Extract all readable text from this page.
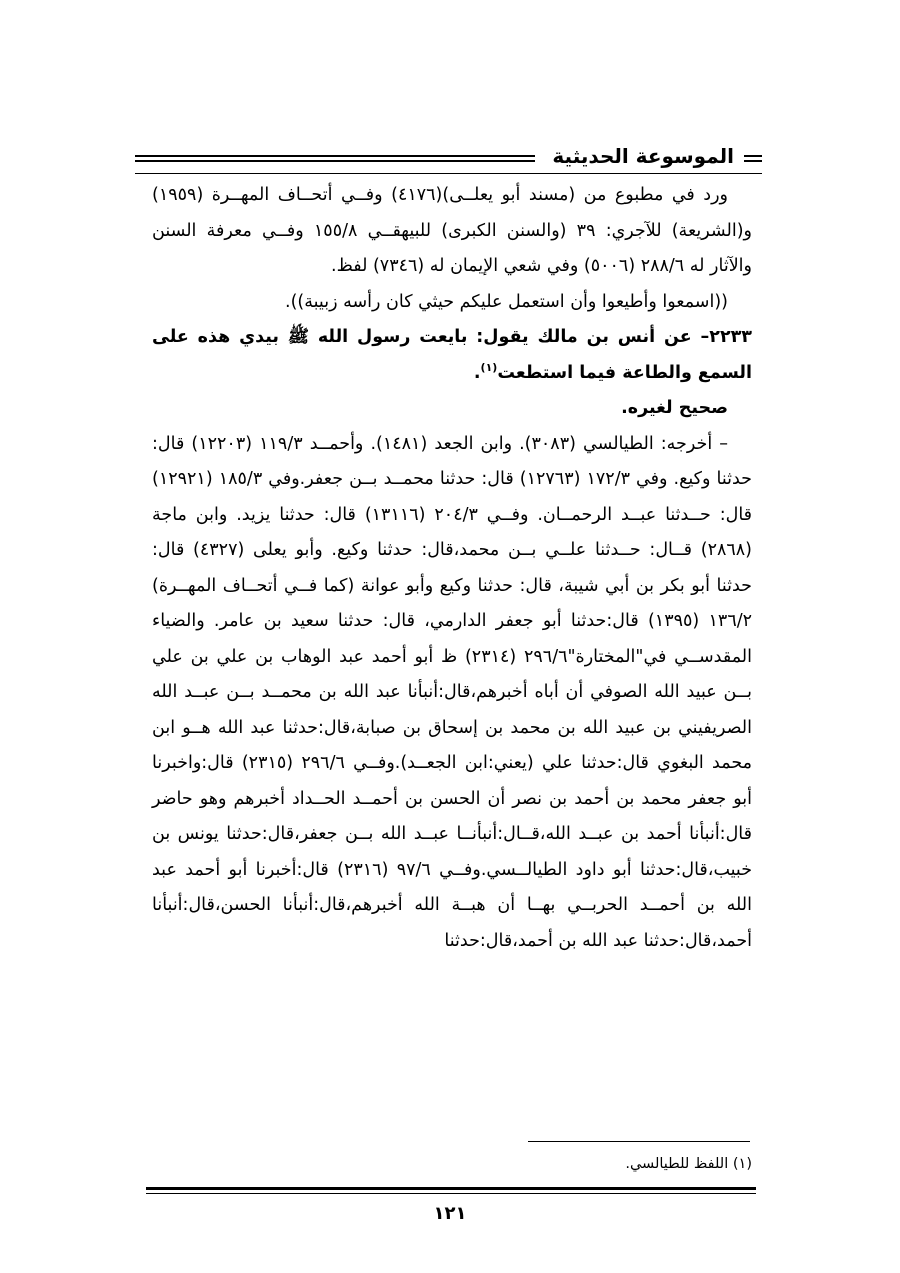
الموسوعة الحديثية

ورد في مطبوع من (مسند أبو يعلــى)(٤١٧٦) وفــي أتحــاف المهــرة (١٩٥٩) و(الشريعة) للآجري: ٣٩ (والسنن الكبرى) للبيهقــي ١٥٥/٨ وفــي معرفة السنن والآثار له ٢٨٨/٦ (٥٠٠٦) وفي شعي الإيمان له (٧٣٤٦) لفظ.

((اسمعوا وأطيعوا وأن استعمل عليكم حيثي كان رأسه زبيبة)).

٢٢٣٣– عن أنس بن مالك يقول: بايعت رسول الله ﷺ بيدي هذه على السمع والطاعة فيما استطعت$^{(١)}$.

صحيح لغيره.

– أخرجه: الطيالسي (٣٠٨٣). وابن الجعد (١٤٨١). وأحمــد ١١٩/٣ (١٢٢٠٣) قال: حدثنا وكيع. وفي ١٧٢/٣ (١٢٧٦٣) قال: حدثنا محمــد بــن جعفر.وفي ١٨٥/٣ (١٢٩٢١) قال: حــدثنا عبــد الرحمــان. وفــي ٢٠٤/٣ (١٣١١٦) قال: حدثنا يزيد. وابن ماجة (٢٨٦٨) قــال: حــدثنا علــي بــن محمد،قال: حدثنا وكيع. وأبو يعلى (٤٣٢٧) قال: حدثنا أبو بكر بن أبي شيبة، قال: حدثنا وكيع وأبو عوانة (كما فــي أتحــاف المهــرة) ١٣٦/٢ (١٣٩٥) قال:حدثنا أبو جعفر الدارمي، قال: حدثنا سعيد بن عامر. والضياء المقدســي في"المختارة"٢٩٦/٦ (٢٣١٤) ظ أبو أحمد عبد الوهاب بن علي بن علي بــن عبيد الله الصوفي أن أباه أخبرهم،قال:أنبأنا عبد الله بن محمــد بــن عبــد الله الصريفيني بن عبيد الله بن محمد بن إسحاق بن صبابة،قال:حدثنا عبد الله هــو ابن محمد البغوي قال:حدثنا علي (يعني:ابن الجعــد).وفــي ٢٩٦/٦ (٢٣١٥) قال:واخبرنا أبو جعفر محمد بن أحمد بن نصر أن الحسن بن أحمــد الحــداد أخبرهم وهو حاضر قال:أنبأنا أحمد بن عبــد الله،قــال:أنبأنــا عبــد الله بــن جعفر،قال:حدثنا يونس بن خبيب،قال:حدثنا أبو داود الطيالــسي.وفــي ٩٧/٦ (٢٣١٦) قال:أخبرنا أبو أحمد عبد الله بن أحمــد الحربــي بهــا أن هبــة الله أخبرهم،قال:أنبأنا الحسن،قال:أنبأنا أحمد،قال:حدثنا عبد الله بن أحمد،قال:حدثنا

(١) اللفظ للطيالسي.
١٢١
